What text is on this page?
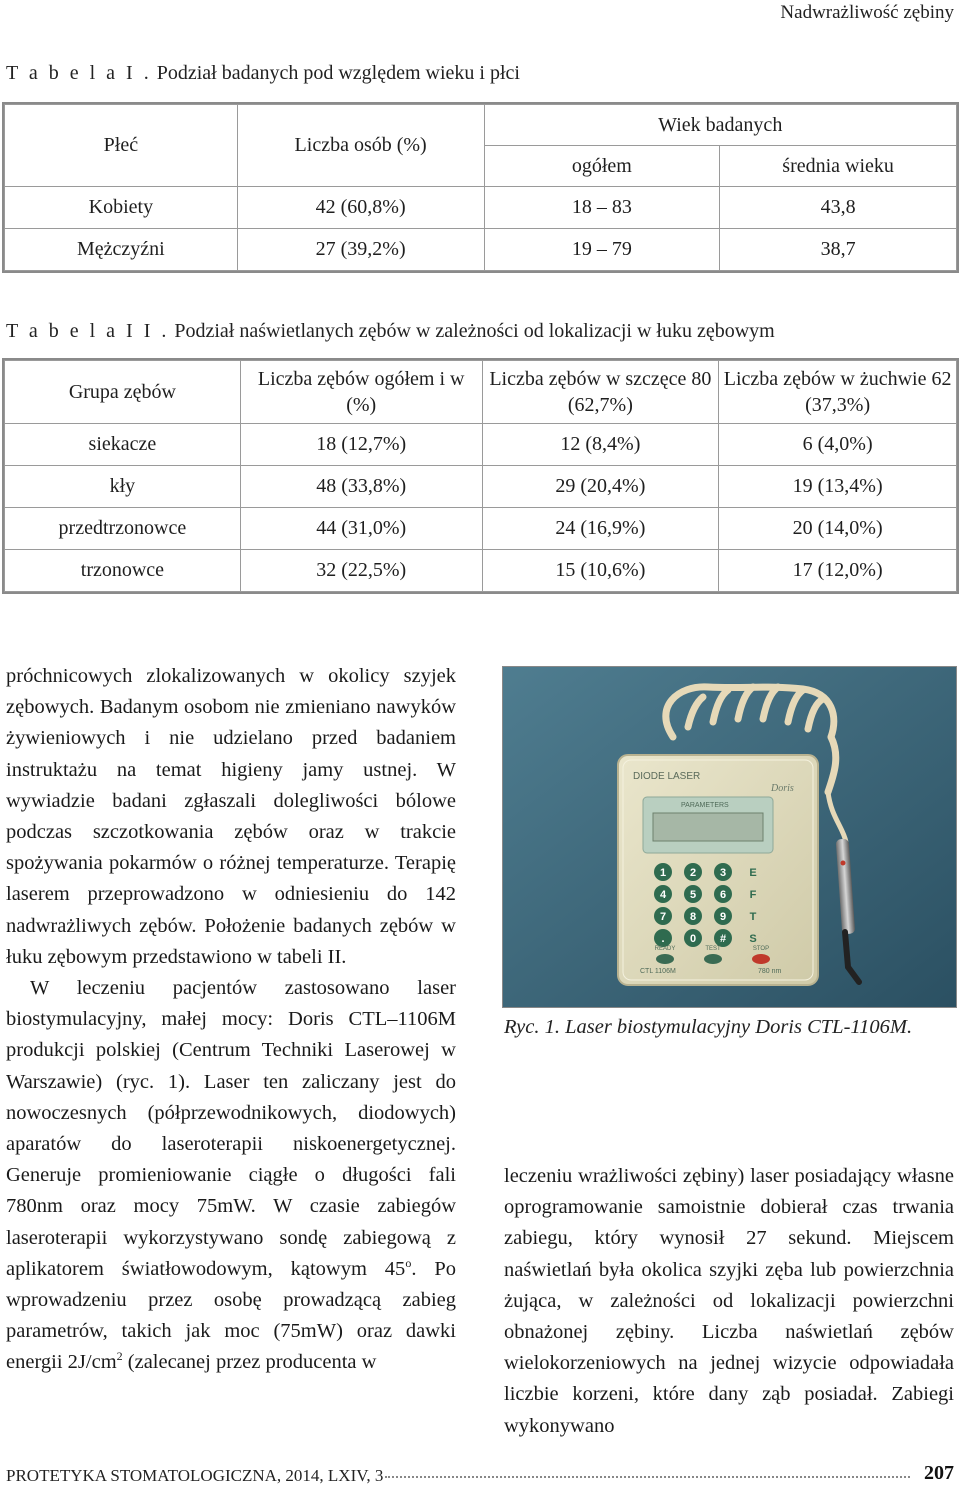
Nadwrażliwość zębiny
T a b e l a I . Podział badanych pod względem wieku i płci
Płeć	Liczba osób (%)	Wiek badanych	
		ogółem	średnia wieku
Kobiety	42 (60,8%)	18 – 83	43,8
Mężczyźni	27 (39,2%)	19 – 79	38,7
T a b e l a I I . Podział naświetlanych zębów w zależności od lokalizacji w łuku zębowym
Grupa zębów	Liczba zębów ogółem i w (%)	Liczba zębów w szczęce 80 (62,7%)	Liczba zębów w żuchwie 62 (37,3%)
siekacze	18 (12,7%)	12 (8,4%)	6 (4,0%)
kły	48 (33,8%)	29 (20,4%)	19 (13,4%)
przedtrzonowce	44 (31,0%)	24 (16,9%)	20 (14,0%)
trzonowce	32 (22,5%)	15 (10,6%)	17 (12,0%)

próchnicowych zlokalizowanych w okolicy szyjek zębowych. Badanym osobom nie zmieniano nawyków żywieniowych i nie udzielano przed badaniem instruktażu na temat higieny jamy ustnej. W wywiadzie badani zgłaszali dolegliwości bólowe podczas szczotkowania zębów oraz w trakcie spożywania pokarmów o różnej temperaturze. Terapię laserem przeprowadzono w odniesieniu do 142 nadwrażliwych zębów. Położenie badanych zębów w łuku zębowym przedstawiono w tabeli II.

W leczeniu pacjentów zastosowano laser biostymulacyjny, małej mocy: Doris CTL–1106M produkcji polskiej (Centrum Techniki Laserowej w Warszawie) (ryc. 1). Laser ten zaliczany jest do nowoczesnych (półprzewodnikowych, diodowych) aparatów do laseroterapii niskoenergetycznej. Generuje promieniowanie ciągłe o długości fali 780nm oraz mocy 75mW. W czasie zabiegów laseroterapii wykorzystywano sondę zabiegową z aplikatorem światłowodowym, kątowym 45$^o$. Po wprowadzeniu przez osobę prowadzącą zabieg parametrów, takich jak moc (75mW) oraz dawki energii $2J/cm^2$ (zalecanej przez producenta w

DIODE LASER
Doris
PARAMETERS
1 2 3 E
4 5 6 F
7 8 9 T
. 0 # S
READY	TEST	STOP
CTL 1106M	780 nm
Ryc. 1. Laser biostymulacyjny Doris CTL-1106M.

leczeniu wrażliwości zębiny) laser posiadający własne oprogramowanie samoistnie dobierał czas trwania zabiegu, który wynosił 27 sekund. Miejscem naświetlań była okolica szyjki zęba lub powierzchnia żująca, w zależności od lokalizacji powierzchni obnażonej zębiny. Liczba naświetlań zębów wielokorzeniowych na jednej wizycie odpowiadała liczbie korzeni, które dany ząb posiadał. Zabiegi wykonywano

PROTETYKA STOMATOLOGICZNA, 2014, LXIV, 3	207
